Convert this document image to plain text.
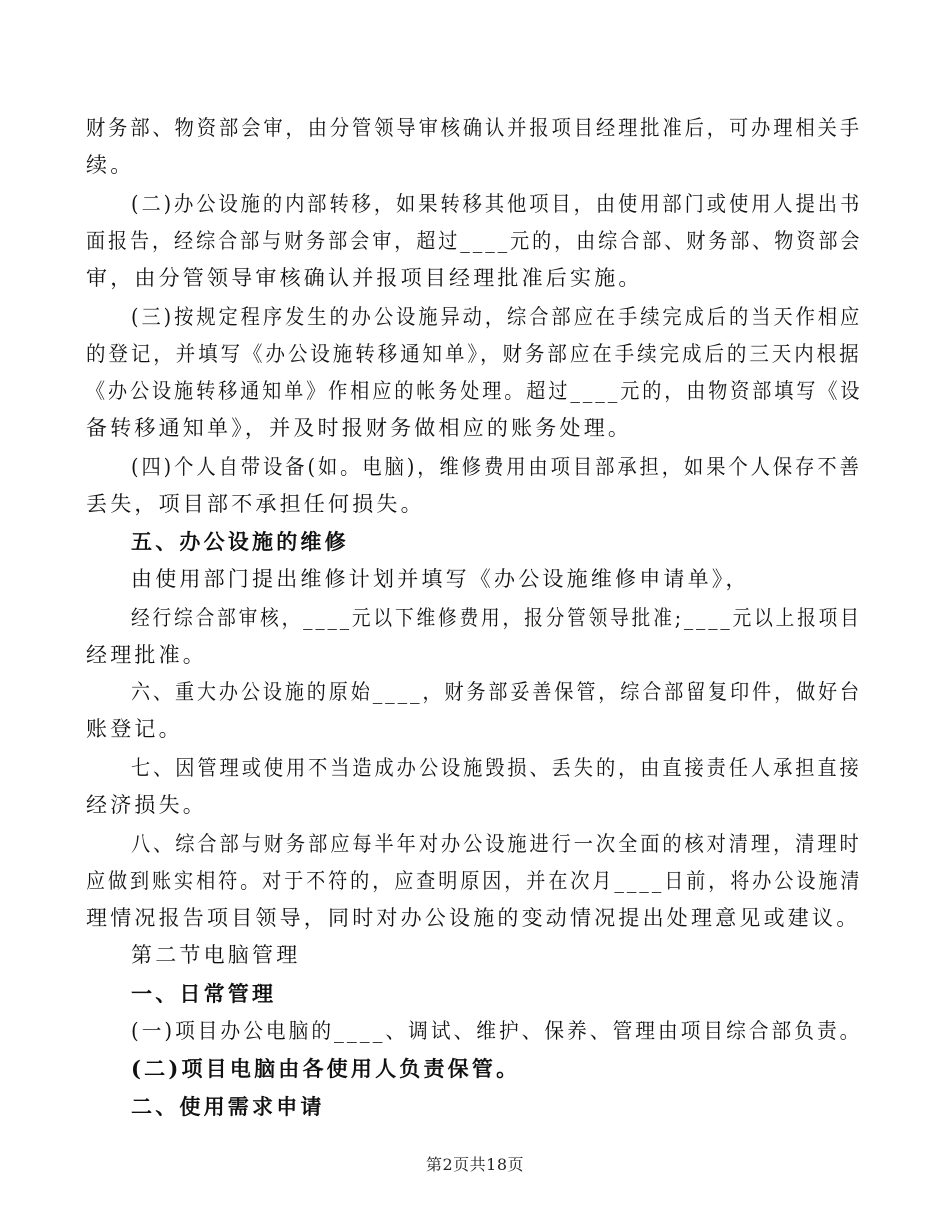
财务部、物资部会审，由分管领导审核确认并报项目经理批准后，可办理相关手
续。
(二)办公设施的内部转移，如果转移其他项目，由使用部门或使用人提出书
面报告，经综合部与财务部会审，超过____元的，由综合部、财务部、物资部会
审，由分管领导审核确认并报项目经理批准后实施。
(三)按规定程序发生的办公设施异动，综合部应在手续完成后的当天作相应
的登记，并填写《办公设施转移通知单》，财务部应在手续完成后的三天内根据
《办公设施转移通知单》作相应的帐务处理。超过____元的，由物资部填写《设
备转移通知单》，并及时报财务做相应的账务处理。
(四)个人自带设备(如。电脑)，维修费用由项目部承担，如果个人保存不善
丢失，项目部不承担任何损失。
五、办公设施的维修
由使用部门提出维修计划并填写《办公设施维修申请单》，
经行综合部审核，____元以下维修费用，报分管领导批准;____元以上报项目
经理批准。
六、重大办公设施的原始____，财务部妥善保管，综合部留复印件，做好台
账登记。
七、因管理或使用不当造成办公设施毁损、丢失的，由直接责任人承担直接
经济损失。
八、综合部与财务部应每半年对办公设施进行一次全面的核对清理，清理时
应做到账实相符。对于不符的，应查明原因，并在次月____日前，将办公设施清
理情况报告项目领导，同时对办公设施的变动情况提出处理意见或建议。
第二节电脑管理
一、日常管理
(一)项目办公电脑的____、调试、维护、保养、管理由项目综合部负责。
(二)项目电脑由各使用人负责保管。
二、使用需求申请
第2页共18页
